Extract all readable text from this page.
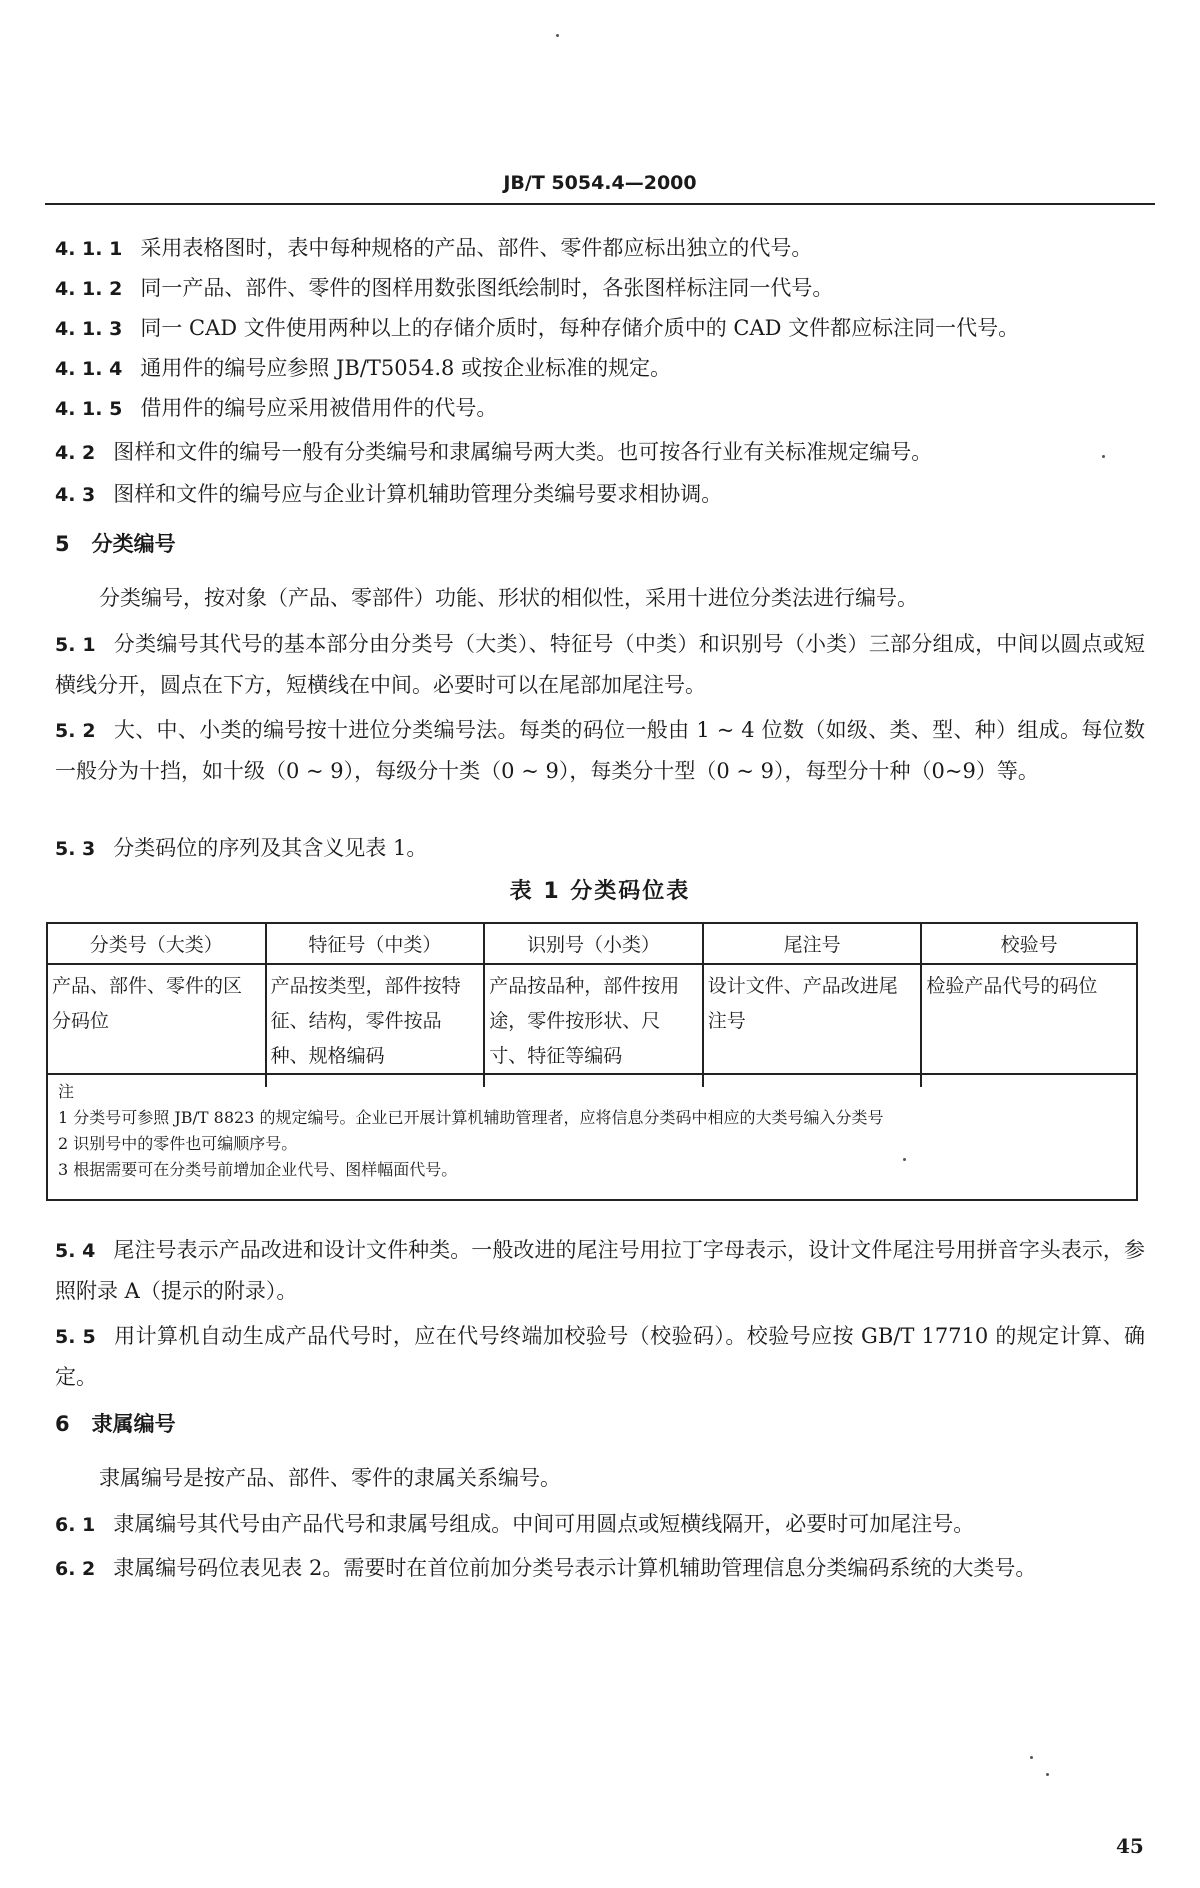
JB/T 5054.4—2000
4. 1. 1 采用表格图时，表中每种规格的产品、部件、零件都应标出独立的代号。
4. 1. 2 同一产品、部件、零件的图样用数张图纸绘制时，各张图样标注同一代号。
4. 1. 3 同一 CAD 文件使用两种以上的存储介质时，每种存储介质中的 CAD 文件都应标注同一代号。
4. 1. 4 通用件的编号应参照 JB/T5054.8 或按企业标准的规定。
4. 1. 5 借用件的编号应采用被借用件的代号。
4. 2 图样和文件的编号一般有分类编号和隶属编号两大类。也可按各行业有关标准规定编号。
4. 3 图样和文件的编号应与企业计算机辅助管理分类编号要求相协调。
5 分类编号
分类编号，按对象（产品、零部件）功能、形状的相似性，采用十进位分类法进行编号。
5. 1 分类编号其代号的基本部分由分类号（大类）、特征号（中类）和识别号（小类）三部分组成，中间以圆点或短横线分开，圆点在下方，短横线在中间。必要时可以在尾部加尾注号。
5. 2 大、中、小类的编号按十进位分类编号法。每类的码位一般由 1 ~ 4 位数（如级、类、型、种）组成。每位数一般分为十挡，如十级（0 ~ 9），每级分十类（0 ~ 9），每类分十型（0 ~ 9），每型分十种（0~9）等。
5. 3 分类码位的序列及其含义见表 1。
表 1 分类码位表
分类号（大类）	特征号（中类）	识别号（小类）	尾注号	校验号
产品、部件、零件的区分码位	产品按类型，部件按特征、结构，零件按品种、规格编码	产品按品种，部件按用途，零件按形状、尺寸、特征等编码	设计文件、产品改进尾注号	检验产品代号的码位
注
1 分类号可参照 JB/T 8823 的规定编号。企业已开展计算机辅助管理者，应将信息分类码中相应的大类号编入分类号
2 识别号中的零件也可编顺序号。
3 根据需要可在分类号前增加企业代号、图样幅面代号。
5. 4 尾注号表示产品改进和设计文件种类。一般改进的尾注号用拉丁字母表示，设计文件尾注号用拼音字头表示，参照附录 A（提示的附录）。
5. 5 用计算机自动生成产品代号时，应在代号终端加校验号（校验码）。校验号应按 GB/T 17710 的规定计算、确定。
6 隶属编号
隶属编号是按产品、部件、零件的隶属关系编号。
6. 1 隶属编号其代号由产品代号和隶属号组成。中间可用圆点或短横线隔开，必要时可加尾注号。
6. 2 隶属编号码位表见表 2。需要时在首位前加分类号表示计算机辅助管理信息分类编码系统的大类号。
45
